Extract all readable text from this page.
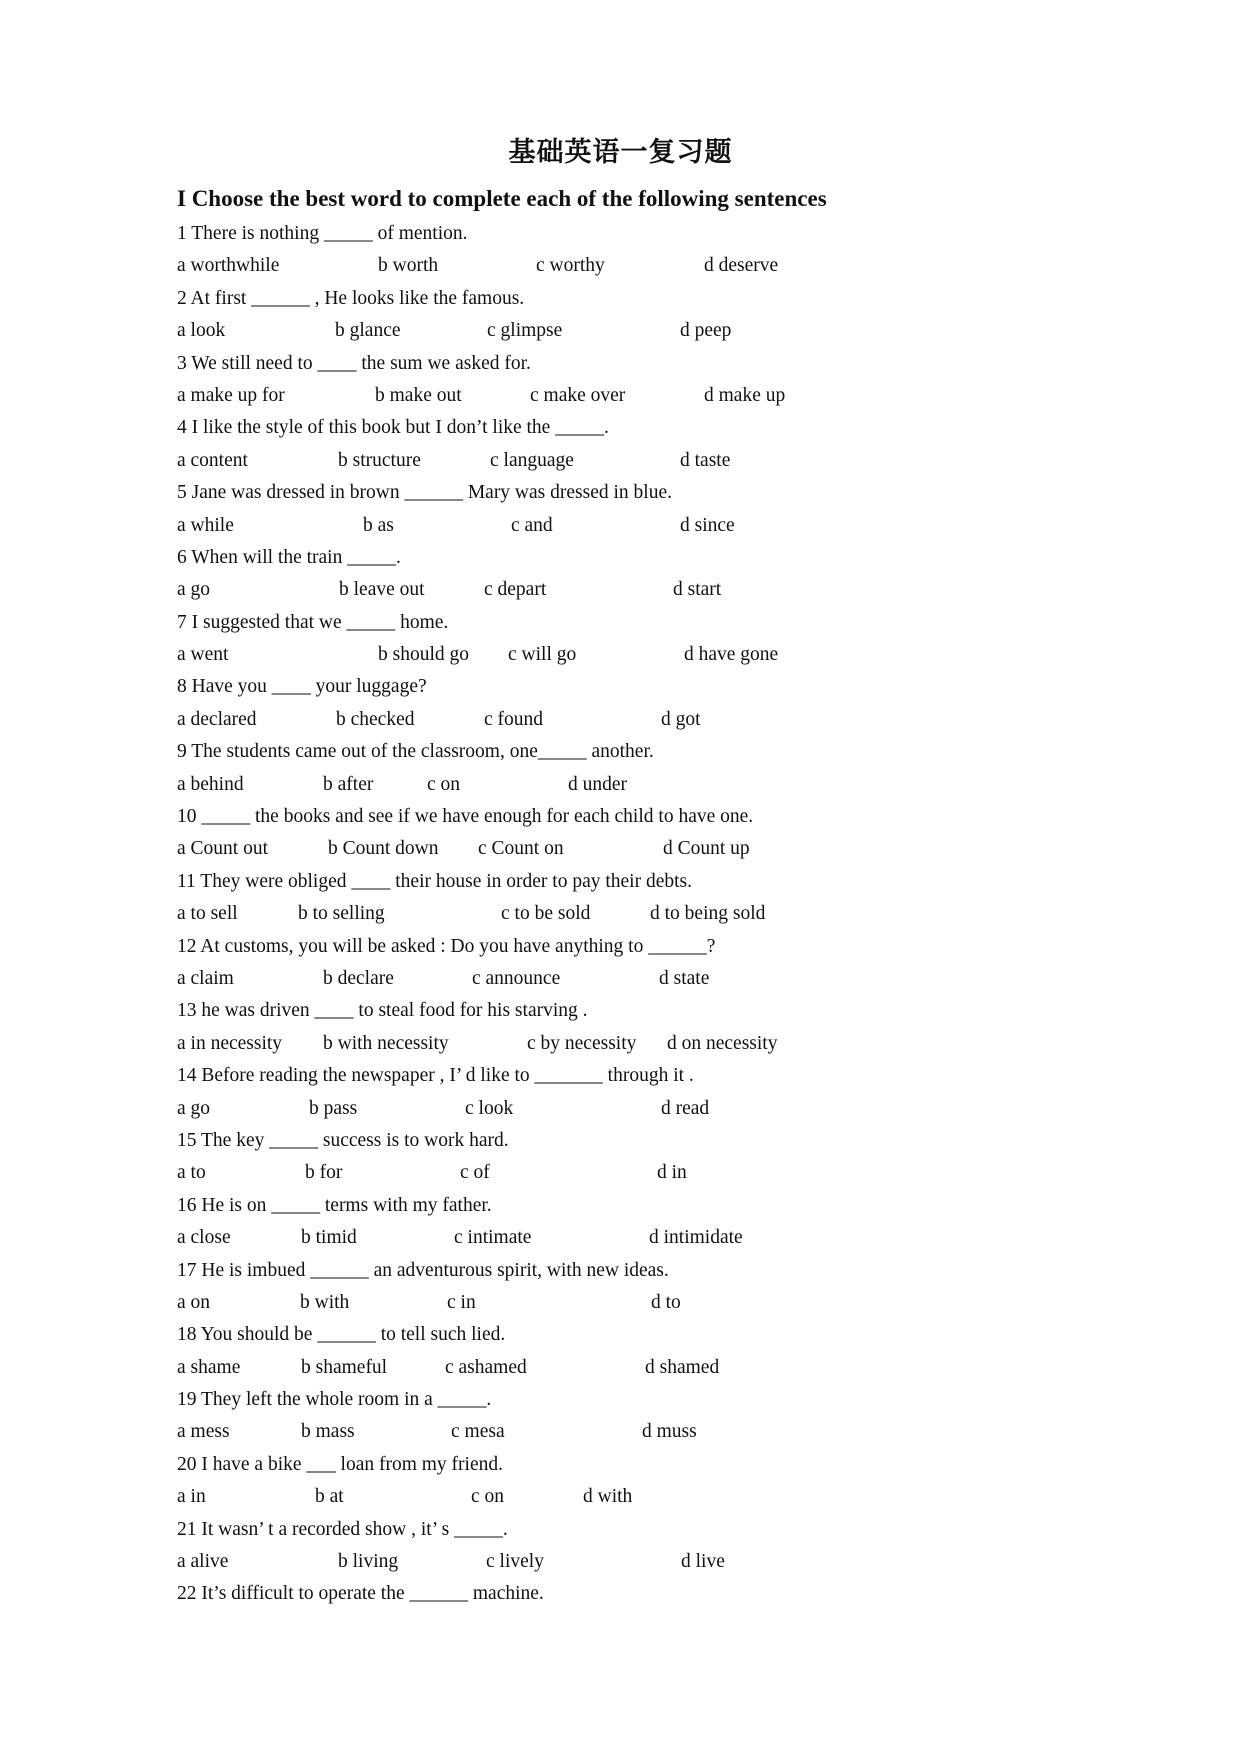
基础英语一复习题
I Choose the best word to complete each of the following sentences
1 There is nothing _____ of mention.
a worthwhile	b worth	c worthy	d deserve
2 At first ______ , He looks like the famous.
a look	b glance	c glimpse	d peep
3 We still need to ____ the sum we asked for.
a make up for	b make out	c make over	d make up
4 I like the style of this book but I don’t like the _____.
a content	b structure	c language	d taste
5 Jane was dressed in brown ______ Mary was dressed in blue.
a while	b as	c and	d since
6 When will the train _____.
a go	b leave out	c depart	d start
7 I suggested that we _____ home.
a went	b should go c will go	d have gone
8 Have you ____ your luggage?
a declared	b checked	c found	d got
9 The students came out of the classroom, one_____ another.
a behind	b after	c on	d under
10 _____ the books and see if we have enough for each child to have one.
a Count out	b Count down c Count on	d Count up
11 They were obliged ____ their house in order to pay their debts.
a to sell	b to selling	c to be sold	d to being sold
12 At customs, you will be asked : Do you have anything to ______?
a claim	b declare	c announce	d state
13 he was driven ____ to steal food for his starving .
a in necessity b with necessity	c by necessity d on necessity
14 Before reading the newspaper , I’ d like to _______ through it .
a go	b pass	c look	d read
15 The key _____ success is to work hard.
a to	b for	c of	d in
16 He is on _____ terms with my father.
a close	b timid	c intimate	d intimidate
17 He is imbued ______ an adventurous spirit, with new ideas.
a on	b with	c in	d to
18 You should be ______ to tell such lied.
a shame	b shameful	c ashamed	d shamed
19 They left the whole room in a _____.
a mess	b mass	c mesa	d muss
20 I have a bike ___ loan from my friend.
a in	b at	c on	d with
21 It wasn’ t a recorded show , it’ s _____.
a alive	b living	c lively	d live
22 It’s difficult to operate the ______ machine.
